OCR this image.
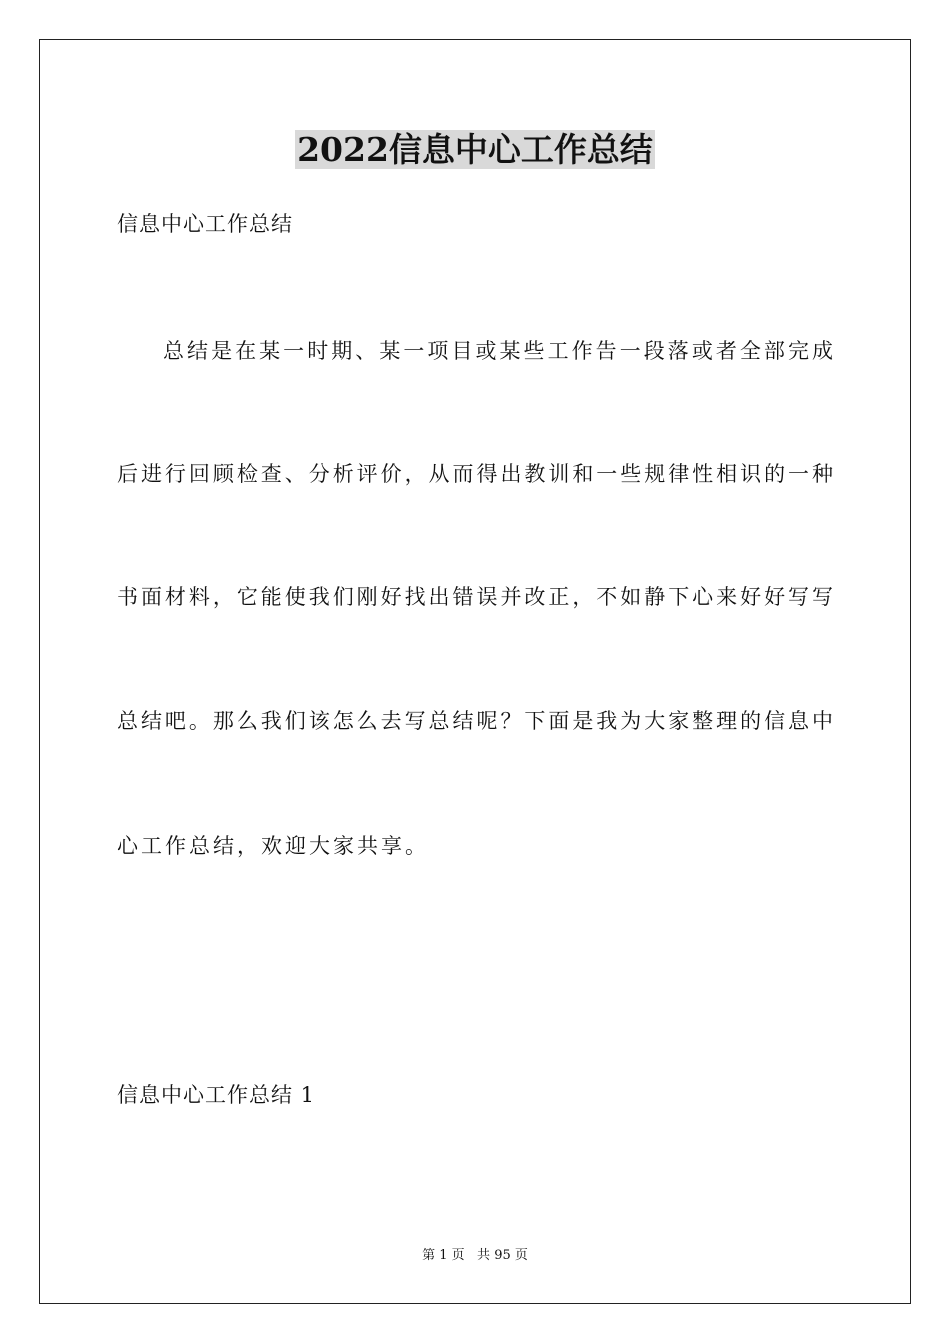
2022信息中心工作总结
信息中心工作总结
总结是在某一时期、某一项目或某些工作告一段落或者全部完成
后进行回顾检查、分析评价，从而得出教训和一些规律性相识的一种
书面材料，它能使我们刚好找出错误并改正，不如静下心来好好写写
总结吧。那么我们该怎么去写总结呢？下面是我为大家整理的信息中
心工作总结，欢迎大家共享。
信息中心工作总结 1
第 1 页   共 95 页
